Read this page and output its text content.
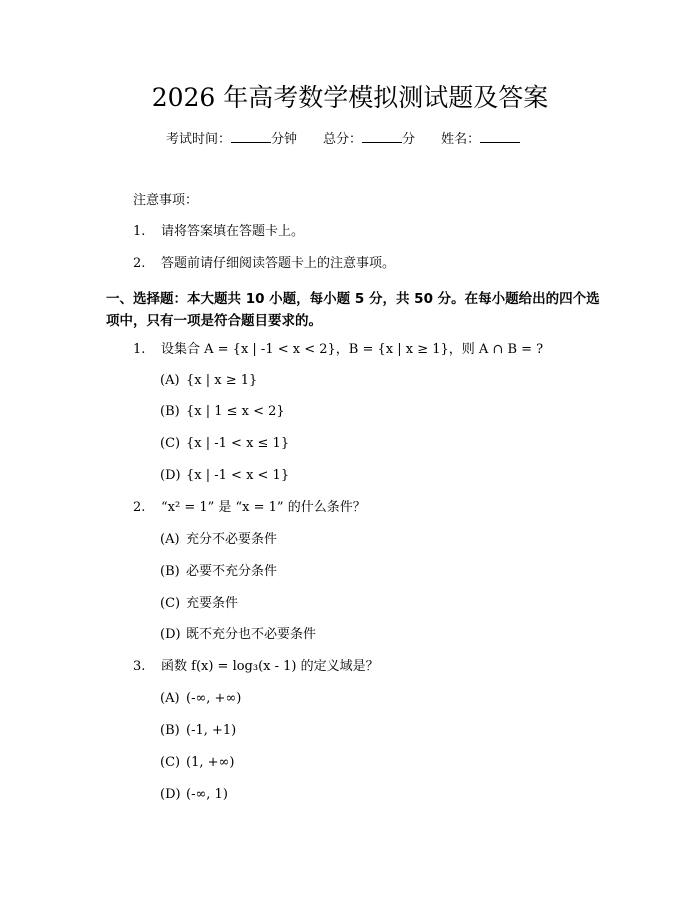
2026 年高考数学模拟测试题及答案
考试时间：	分钟 总分：	分 姓名：
注意事项：
1. 请将答案填在答题卡上。
2. 答题前请仔细阅读答题卡上的注意事项。
一、选择题：本大题共 10 小题，每小题 5 分，共 50 分。在每小题给出的四个选项中，只有一项是符合题目要求的。
1. 设集合 A = {x | -1 < x < 2}，B = {x | x ≥ 1}，则 A ∩ B = ?
(A) {x | x ≥ 1}
(B) {x | 1 ≤ x < 2}
(C) {x | -1 < x ≤ 1}
(D) {x | -1 < x < 1}
2. “x² = 1” 是 “x = 1” 的什么条件？
(A) 充分不必要条件
(B) 必要不充分条件
(C) 充要条件
(D) 既不充分也不必要条件
3. 函数 f(x) = log₃(x - 1) 的定义域是？
(A) (-∞, +∞)
(B) (-1, +1)
(C) (1, +∞)
(D) (-∞, 1)
